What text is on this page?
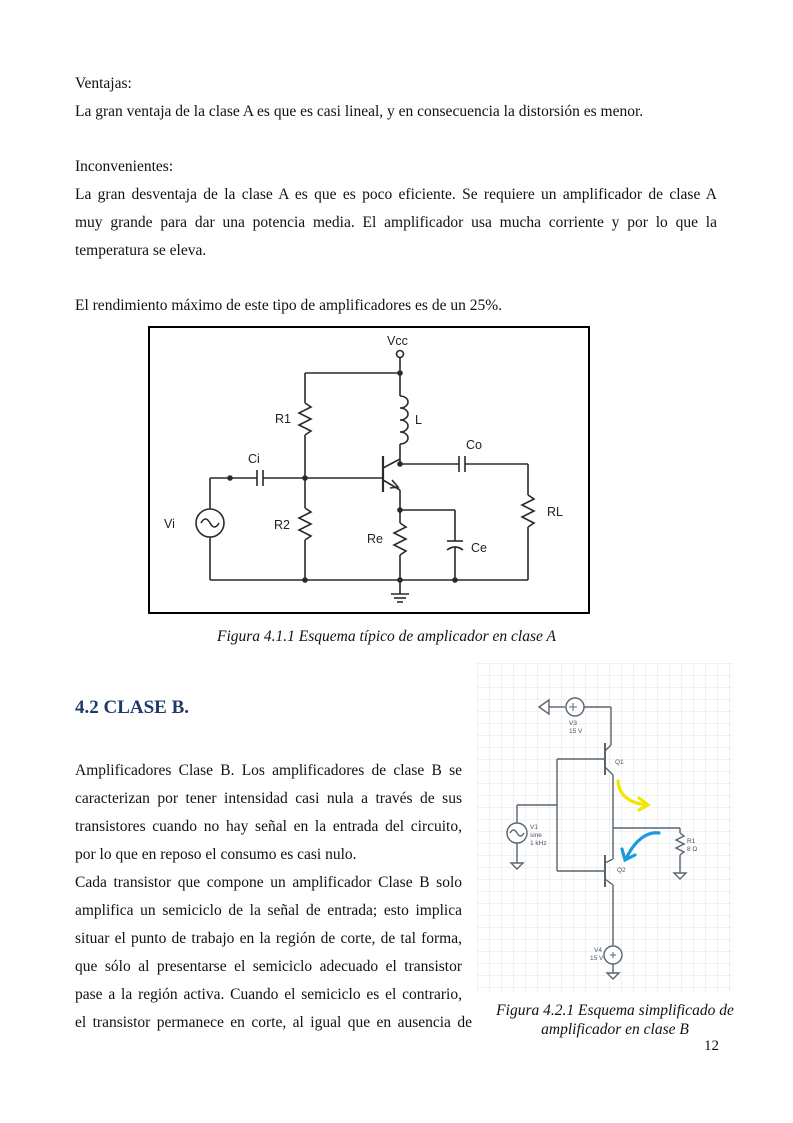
Ventajas:
La gran ventaja de la clase A es que es casi lineal, y en consecuencia la distorsión es menor.
Inconvenientes:
La gran desventaja de la clase A es que es poco eficiente. Se requiere un amplificador de clase A
muy grande para dar una potencia media. El amplificador usa mucha corriente y por lo que la
temperatura se eleva.
El rendimiento máximo de este tipo de amplificadores es de un 25%.
Vcc
R1	L
Co
Ci
Vi	R2
RL
Re
Ce
Figura 4.1.1 Esquema típico de amplicador en clase A
4.2 CLASE B.
Amplificadores Clase B. Los amplificadores de clase B se
caracterizan por tener intensidad casi nula a través de sus
transistores cuando no hay señal en la entrada del circuito,
por lo que en reposo el consumo es casi nulo.
Cada transistor que compone un amplificador Clase B solo
amplifica un semiciclo de la señal de entrada; esto implica
situar el punto de trabajo en la región de corte, de tal forma,
que sólo al presentarse el semiciclo adecuado el transistor
pase a la región activa. Cuando el semiciclo es el contrario,
el transistor permanece en corte, al igual que en ausencia de
V3
15 V
Q1
V1
sine
1 kHz	R1
8 Ω
Q2
V4
15 V
Figura 4.2.1 Esquema simplificado de
amplificador en clase B
12
